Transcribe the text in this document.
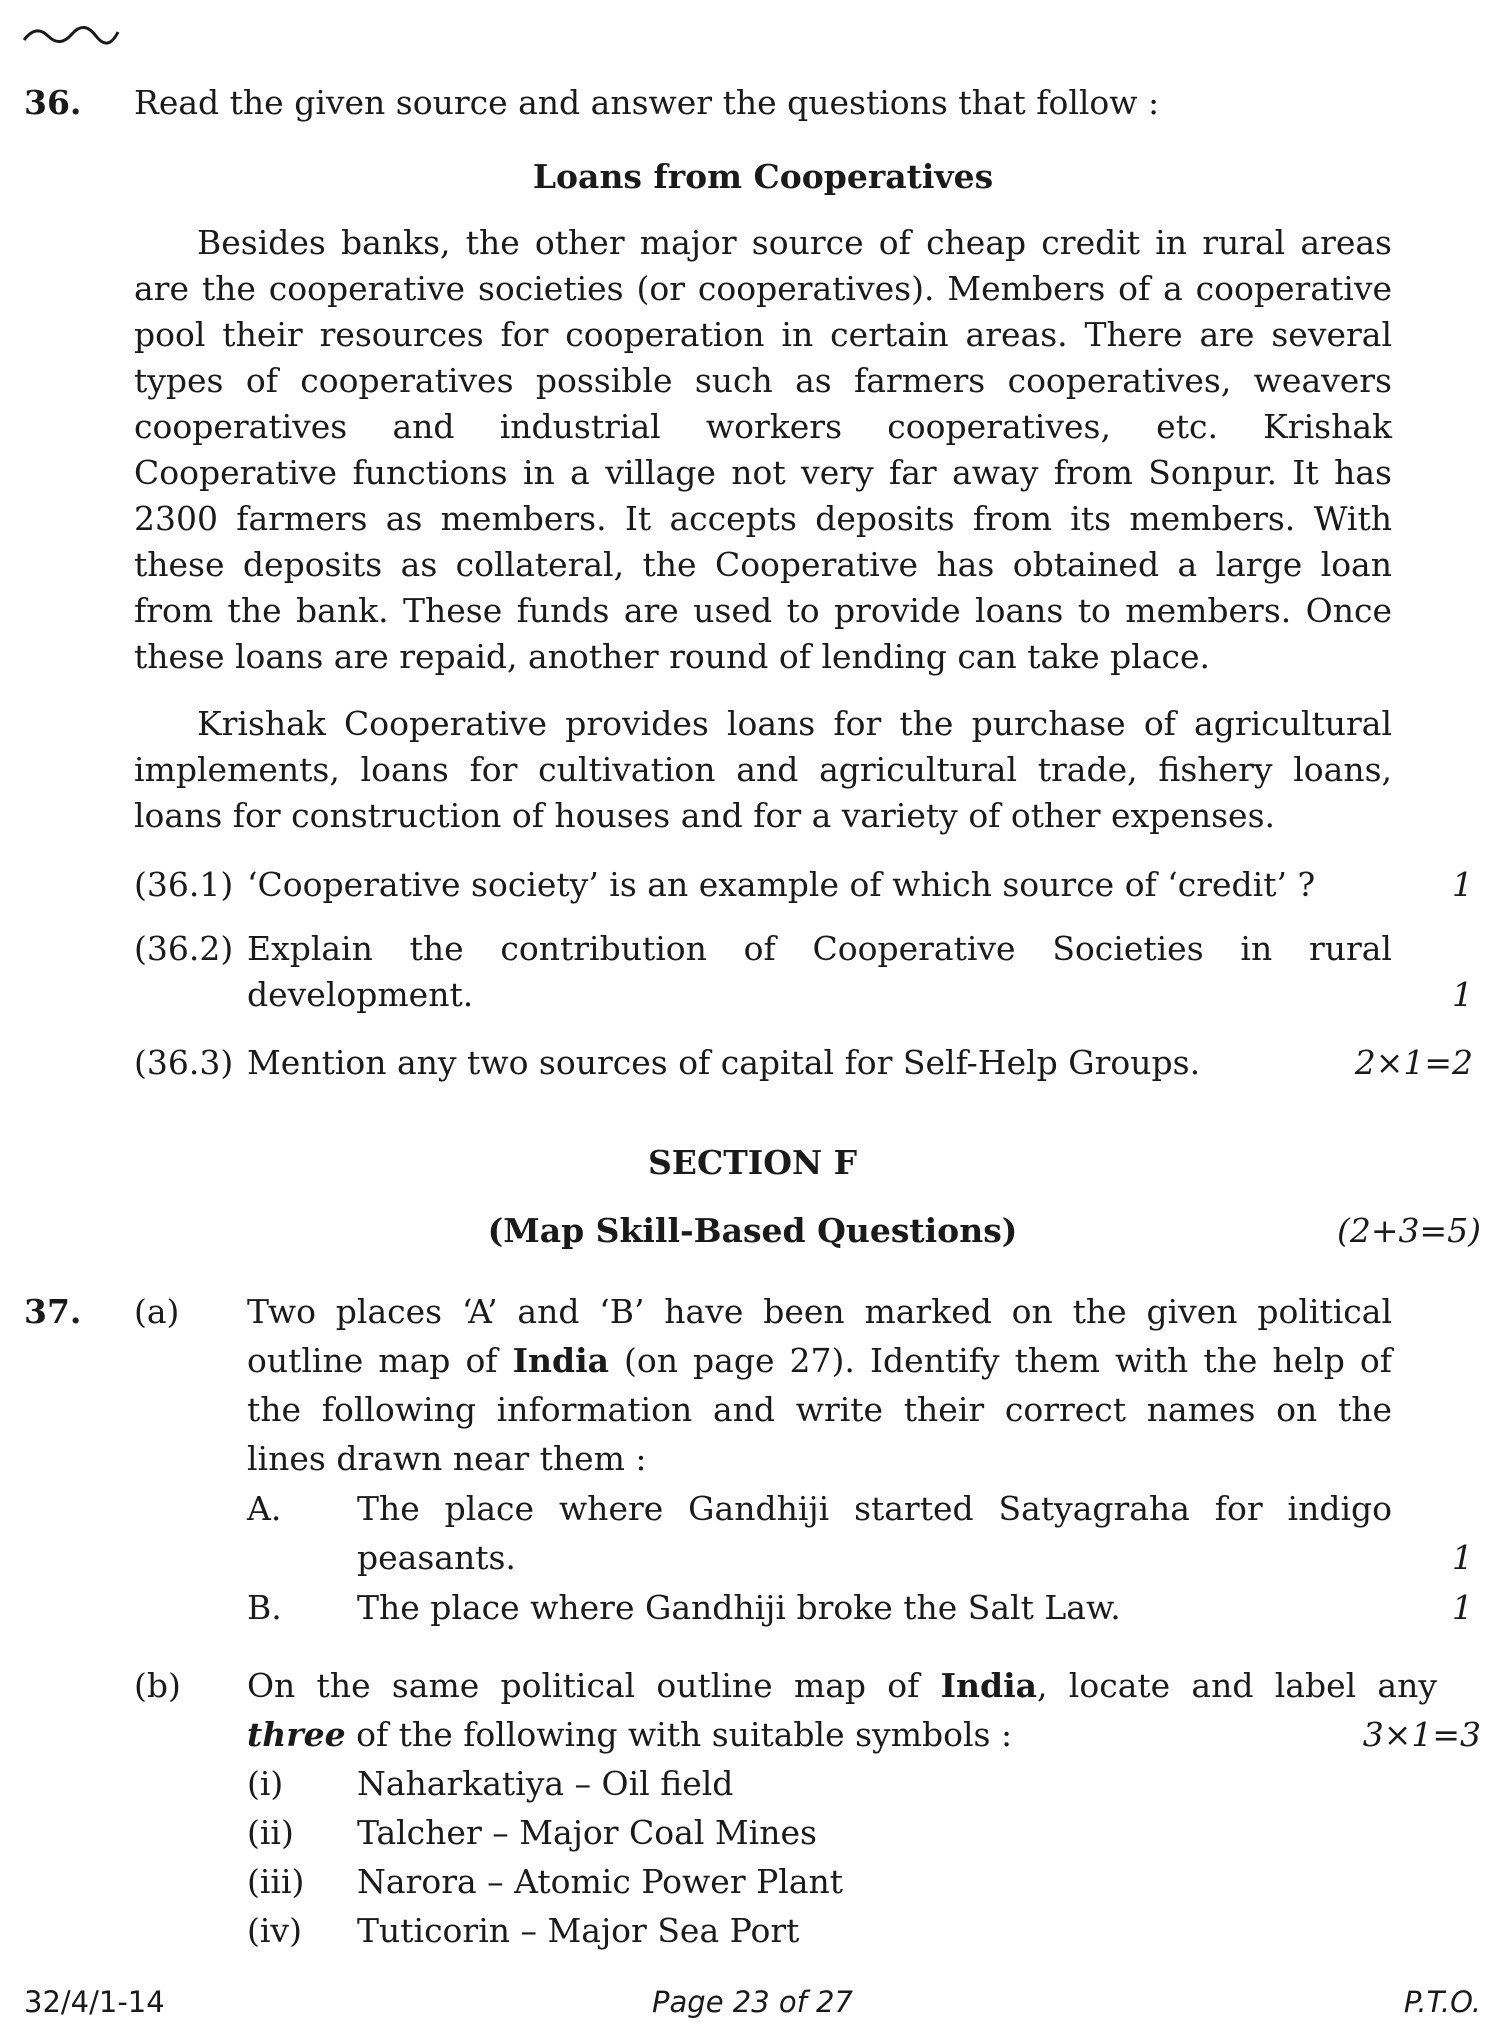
36. Read the given source and answer the questions that follow :
Loans from Cooperatives
Besides banks, the other major source of cheap credit in rural areas
are the cooperative societies (or cooperatives). Members of a cooperative
pool their resources for cooperation in certain areas. There are several
types of cooperatives possible such as farmers cooperatives, weavers
cooperatives and industrial workers cooperatives, etc. Krishak
Cooperative functions in a village not very far away from Sonpur. It has
2300 farmers as members. It accepts deposits from its members. With
these deposits as collateral, the Cooperative has obtained a large loan
from the bank. These funds are used to provide loans to members. Once
these loans are repaid, another round of lending can take place.
Krishak Cooperative provides loans for the purchase of agricultural
implements, loans for cultivation and agricultural trade, fishery loans,
loans for construction of houses and for a variety of other expenses.
(36.1) ‘Cooperative society’ is an example of which source of ‘credit’ ?	1
(36.2) Explain the contribution of Cooperative Societies in rural
development.	1
(36.3) Mention any two sources of capital for Self-Help Groups.	2×1=2
SECTION F
(Map Skill-Based Questions)	(2+3=5)
37. (a) Two places ‘A’ and ‘B’ have been marked on the given political
outline map of India (on page 27). Identify them with the help of
the following information and write their correct names on the
lines drawn near them :
A. The place where Gandhiji started Satyagraha for indigo
peasants.	1
B. The place where Gandhiji broke the Salt Law.	1
(b) On the same political outline map of India, locate and label any
three of the following with suitable symbols :	3×1=3
(i) Naharkatiya – Oil field
(ii) Talcher – Major Coal Mines
(iii) Narora – Atomic Power Plant
(iv) Tuticorin – Major Sea Port
32/4/1-14	Page 23 of 27	P.T.O.
